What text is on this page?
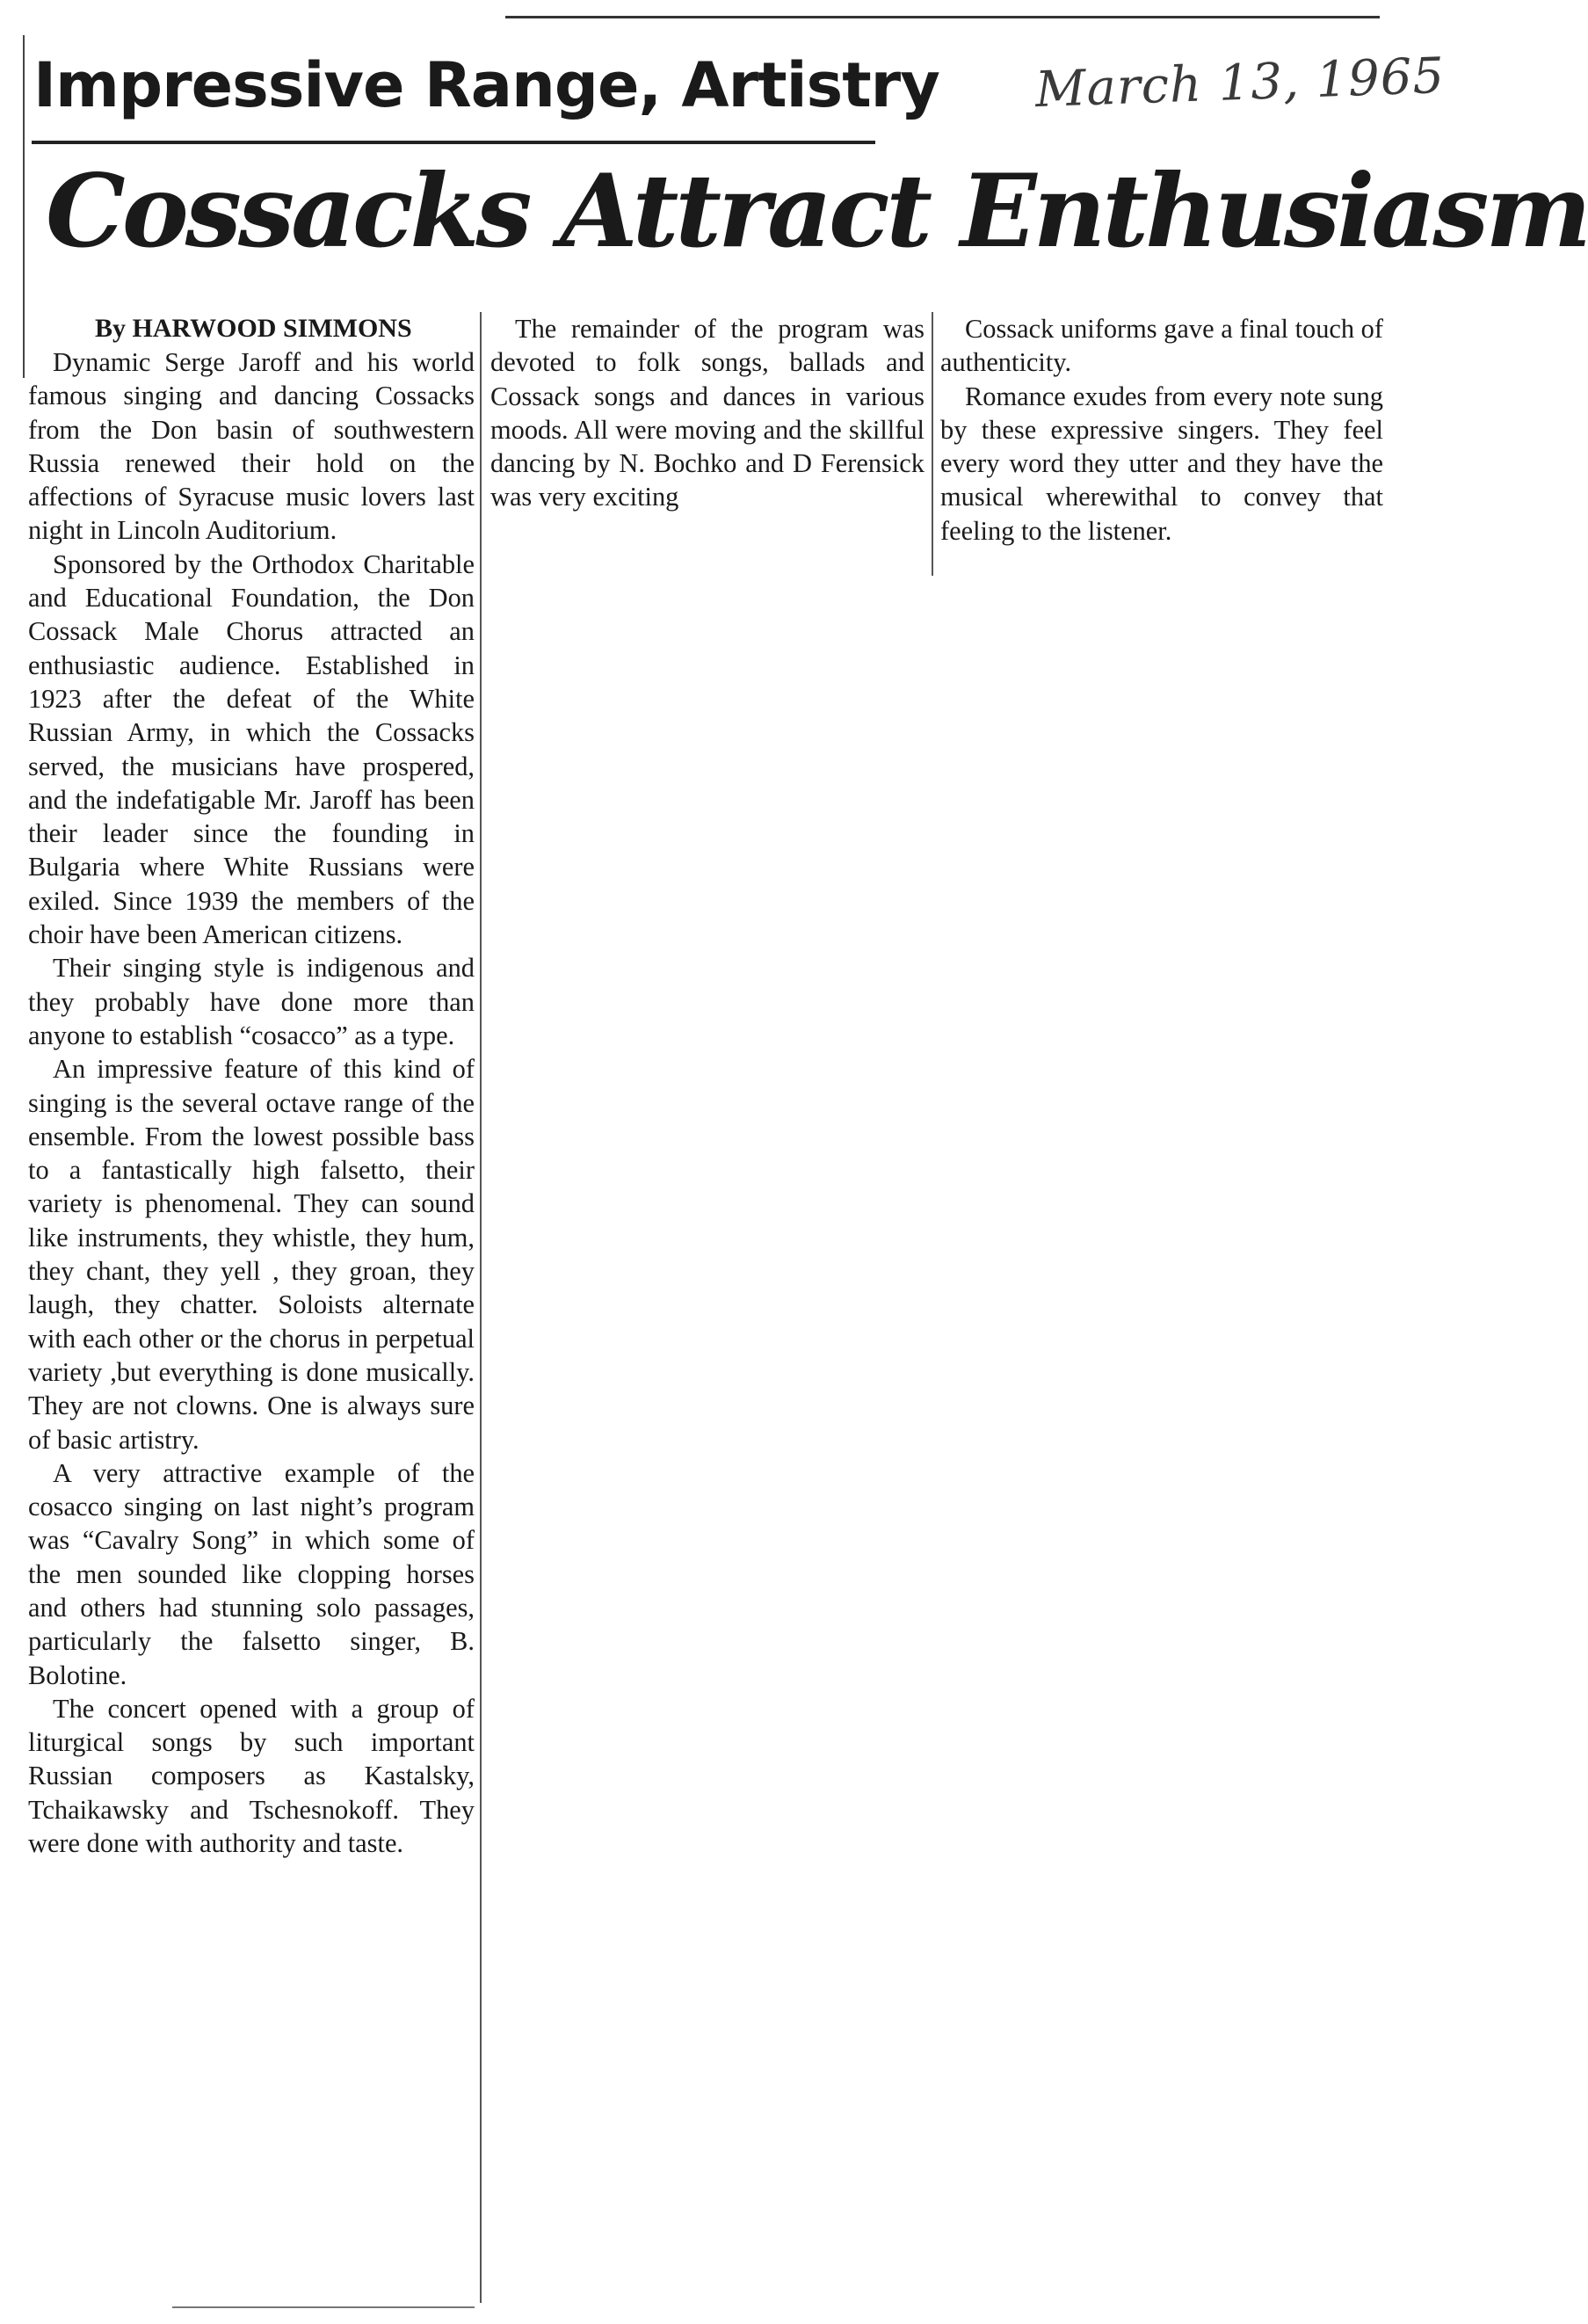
Impressive Range, Artistry March 13, 1965
Cossacks Attract Enthusiasm

By HARWOOD SIMMONS

Dynamic Serge Jaroff and his world famous singing and dancing Cossacks from the Don basin of southwestern Russia renewed their hold on the affections of Syracuse music lovers last night in Lincoln Auditorium.

Sponsored by the Orthodox Charitable and Educational Foundation, the Don Cossack Male Chorus attracted an enthusiastic audience. Established in 1923 after the defeat of the White Russian Army, in which the Cossacks served, the musicians have prospered, and the indefatigable Mr. Jaroff has been their leader since the founding in Bulgaria where White Russians were exiled. Since 1939 the members of the choir have been American citizens.

Their singing style is indigenous and they probably have done more than anyone to establish “cosacco” as a type.

An impressive feature of this kind of singing is the several octave range of the ensemble. From the lowest possible bass to a fantastically high falsetto, their variety is phenomenal. They can sound like instruments, they whistle, they hum, they chant, they yell , they groan, they laugh, they chatter. Soloists alternate with each other or the chorus in perpetual variety ,but everything is done musically. They are not clowns. One is always sure of basic artistry.

A very attractive example of the cosacco singing on last night’s program was “Cavalry Song” in which some of the men sounded like clopping horses and others had stunning solo passages, particularly the falsetto singer, B. Bolotine.

The concert opened with a group of liturgical songs by such important Russian composers as Kastalsky, Tchaikawsky and Tschesnokoff. They were done with authority and taste.

The remainder of the program was devoted to folk songs, ballads and Cossack songs and dances in various moods. All were moving and the skillful dancing by N. Bochko and D Ferensick was very exciting

Cossack uniforms gave a final touch of authenticity.

Romance exudes from every note sung by these expressive singers. They feel every word they utter and they have the musical wherewithal to convey that feeling to the listener.
